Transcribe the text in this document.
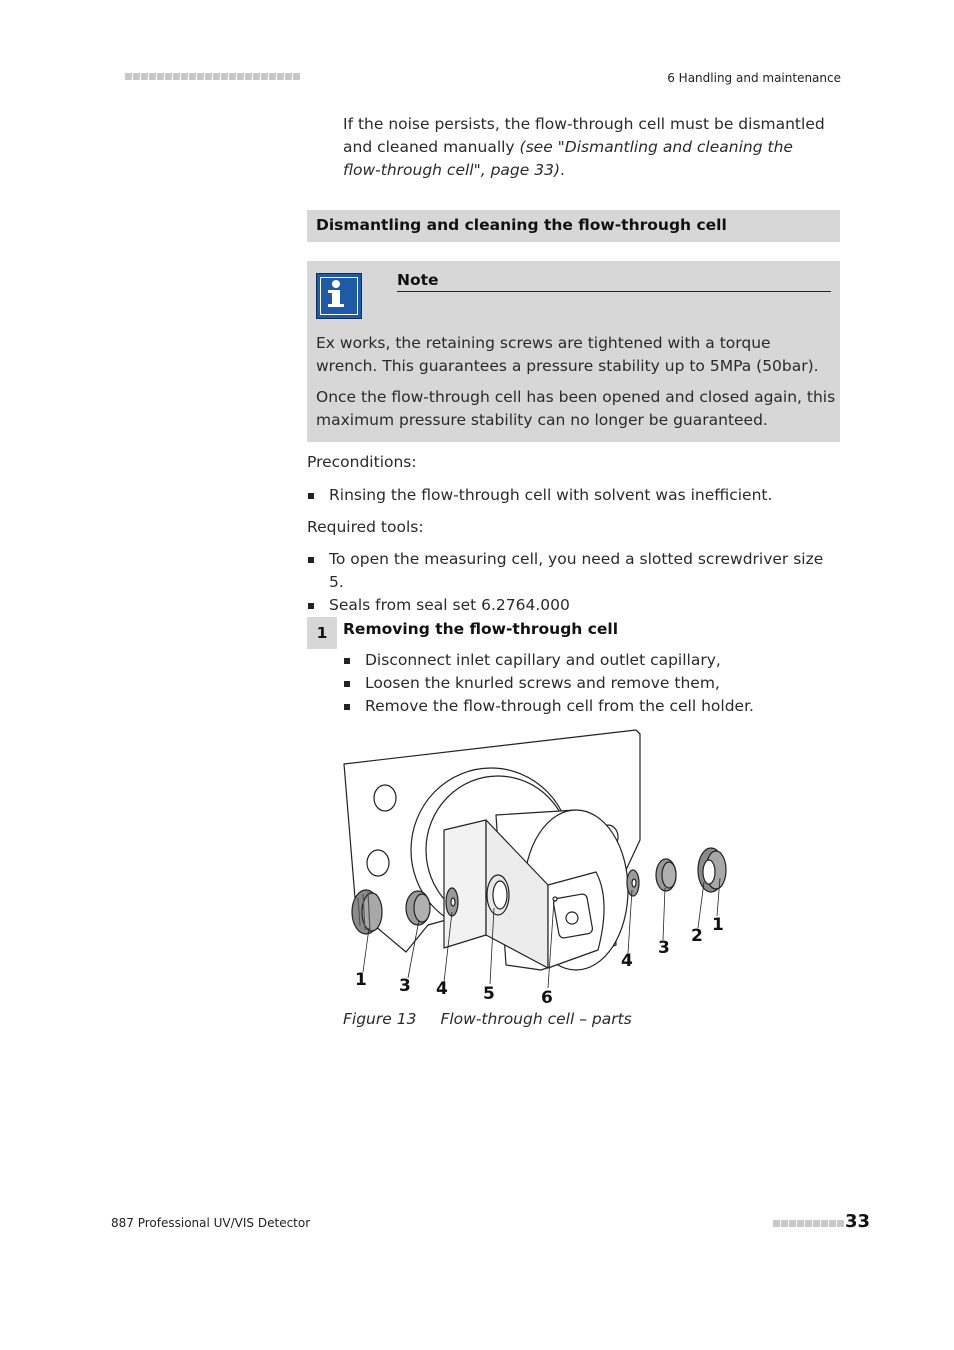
6 Handling and maintenance
If the noise persists, the flow-through cell must be dismantled and cleaned manually (see "Dismantling and cleaning the flow-through cell", page 33).
Dismantling and cleaning the flow-through cell
Note
Ex works, the retaining screws are tightened with a torque wrench. This guarantees a pressure stability up to 5MPa (50bar).
Once the flow-through cell has been opened and closed again, this maximum pressure stability can no longer be guaranteed.
Preconditions:
Rinsing the flow-through cell with solvent was inefficient.
Required tools:
To open the measuring cell, you need a slotted screwdriver size 5.
Seals from seal set 6.2764.000
1	Removing the flow-through cell
Disconnect inlet capillary and outlet capillary,
Loosen the knurled screws and remove them,
Remove the flow-through cell from the cell holder.
1 3 4 5	6
4
3
2
1
Figure 13 Flow-through cell – parts
887 Professional UV/VIS Detector	33
